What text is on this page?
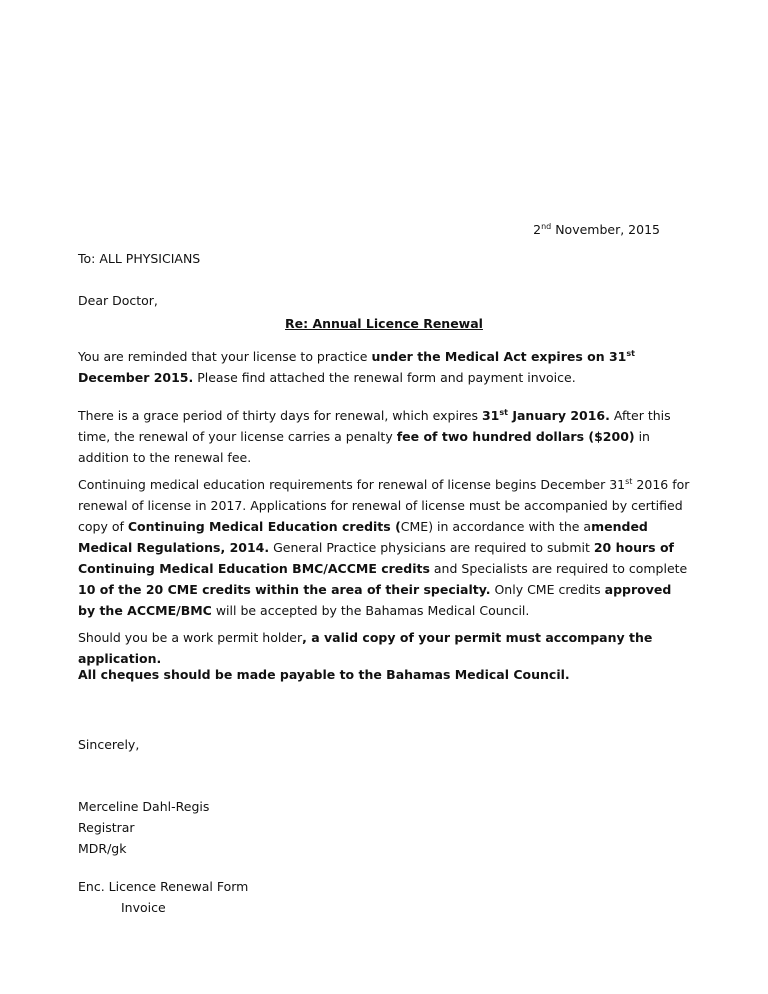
2nd November, 2015
To: ALL PHYSICIANS
Dear Doctor,
Re: Annual Licence Renewal
You are reminded that your license to practice under the Medical Act expires on 31st December 2015. Please find attached the renewal form and payment invoice.
There is a grace period of thirty days for renewal, which expires 31st January 2016. After this time, the renewal of your license carries a penalty fee of two hundred dollars ($200) in addition to the renewal fee.
Continuing medical education requirements for renewal of license begins December 31st 2016 for renewal of license in 2017. Applications for renewal of license must be accompanied by certified copy of Continuing Medical Education credits (CME) in accordance with the amended Medical Regulations, 2014. General Practice physicians are required to submit 20 hours of Continuing Medical Education BMC/ACCME credits and Specialists are required to complete 10 of the 20 CME credits within the area of their specialty. Only CME credits approved by the ACCME/BMC will be accepted by the Bahamas Medical Council.
Should you be a work permit holder, a valid copy of your permit must accompany the application.
All cheques should be made payable to the Bahamas Medical Council.
Sincerely,
Merceline Dahl-Regis
Registrar
MDR/gk
Enc. Licence Renewal Form
Invoice
